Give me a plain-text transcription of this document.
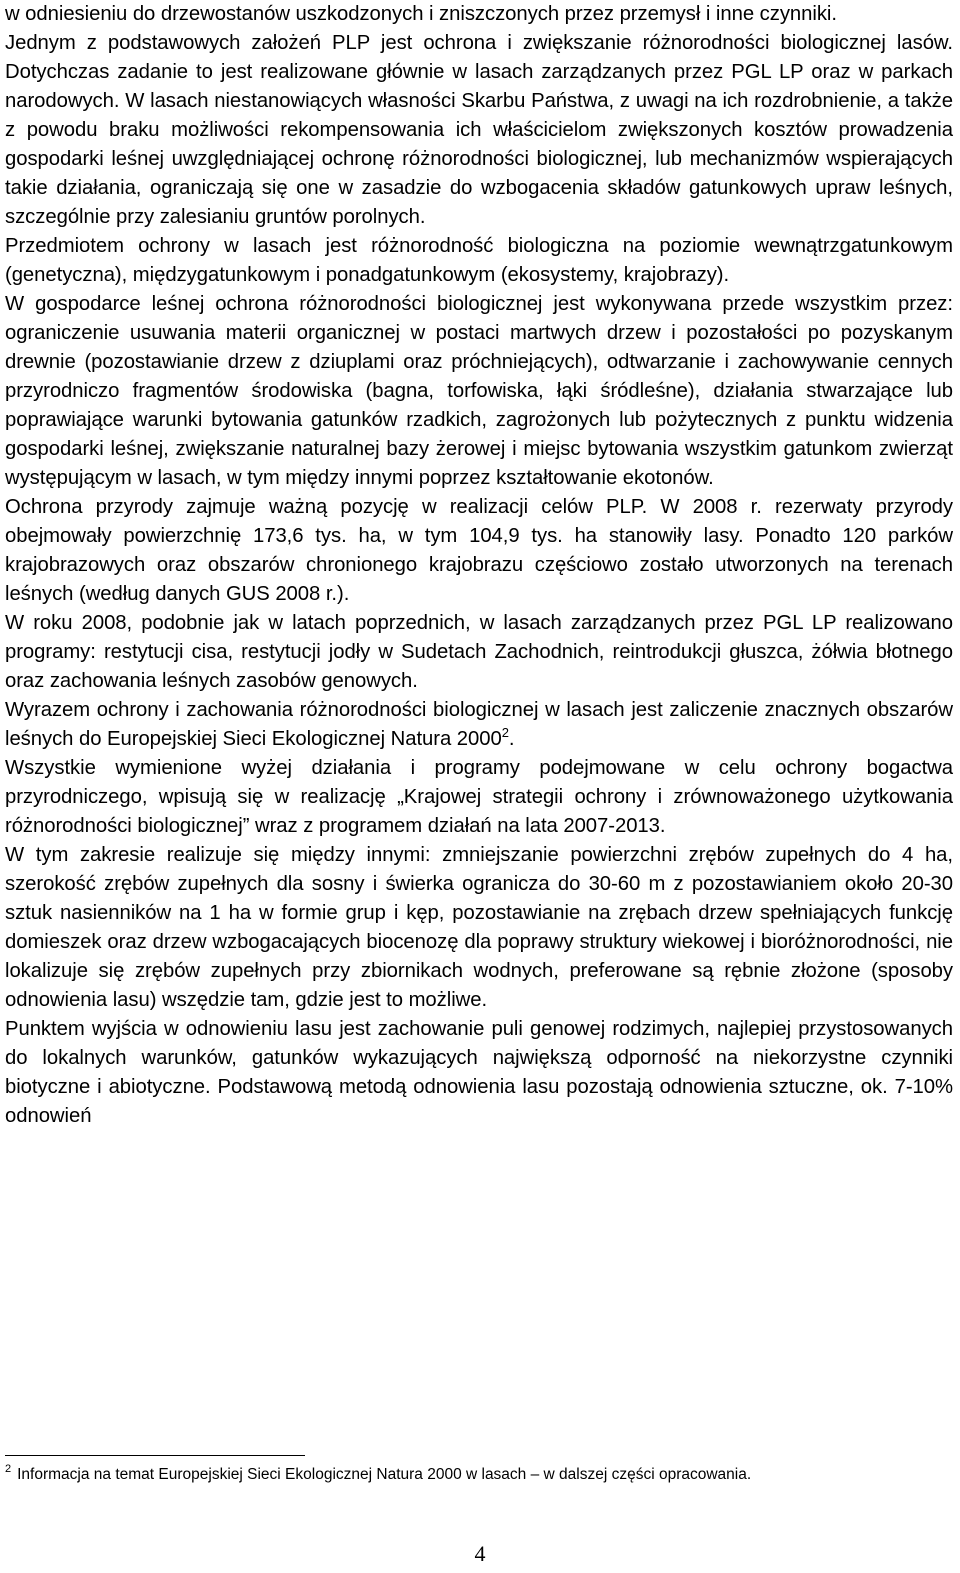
w odniesieniu do drzewostanów uszkodzonych i zniszczonych przez przemysł i inne czynniki.

Jednym z podstawowych założeń PLP jest ochrona i zwiększanie różnorodności biologicznej lasów. Dotychczas zadanie to jest realizowane głównie w lasach zarządzanych przez PGL LP oraz w parkach narodowych. W lasach niestanowiących własności Skarbu Państwa, z uwagi na ich rozdrobnienie, a także z powodu braku możliwości rekompensowania ich właścicielom zwiększonych kosztów prowadzenia gospodarki leśnej uwzględniającej ochronę różnorodności biologicznej, lub mechanizmów wspierających takie działania, ograniczają się one w zasadzie do wzbogacenia składów gatunkowych upraw leśnych, szczególnie przy zalesianiu gruntów porolnych.

Przedmiotem ochrony w lasach jest różnorodność biologiczna na poziomie wewnątrzgatunkowym (genetyczna), międzygatunkowym i ponadgatunkowym (ekosystemy, krajobrazy).

W gospodarce leśnej ochrona różnorodności biologicznej jest wykonywana przede wszystkim przez: ograniczenie usuwania materii organicznej w postaci martwych drzew i pozostałości po pozyskanym drewnie (pozostawianie drzew z dziuplami oraz próchniejących), odtwarzanie i zachowywanie cennych przyrodniczo fragmentów środowiska (bagna, torfowiska, łąki śródleśne), działania stwarzające lub poprawiające warunki bytowania gatunków rzadkich, zagrożonych lub pożytecznych z punktu widzenia gospodarki leśnej, zwiększanie naturalnej bazy żerowej i miejsc bytowania wszystkim gatunkom zwierząt występującym w lasach, w tym między innymi poprzez kształtowanie ekotonów.

Ochrona przyrody zajmuje ważną pozycję w realizacji celów PLP. W 2008 r. rezerwaty przyrody obejmowały powierzchnię 173,6 tys. ha, w tym 104,9 tys. ha stanowiły lasy. Ponadto 120 parków krajobrazowych oraz obszarów chronionego krajobrazu częściowo zostało utworzonych na terenach leśnych (według danych GUS 2008 r.).

W roku 2008, podobnie jak w latach poprzednich, w lasach zarządzanych przez PGL LP realizowano programy: restytucji cisa, restytucji jodły w Sudetach Zachodnich, reintrodukcji głuszca, żółwia błotnego oraz zachowania leśnych zasobów genowych.

Wyrazem ochrony i zachowania różnorodności biologicznej w lasach jest zaliczenie znacznych obszarów leśnych do Europejskiej Sieci Ekologicznej Natura 2000$^2$.

Wszystkie wymienione wyżej działania i programy podejmowane w celu ochrony bogactwa przyrodniczego, wpisują się w realizację „Krajowej strategii ochrony i zrównoważonego użytkowania różnorodności biologicznej” wraz z programem działań na lata 2007-2013.

W tym zakresie realizuje się między innymi: zmniejszanie powierzchni zrębów zupełnych do 4 ha, szerokość zrębów zupełnych dla sosny i świerka ogranicza do 30-60 m z pozostawianiem około 20-30 sztuk nasienników na 1 ha w formie grup i kęp, pozostawianie na zrębach drzew spełniających funkcję domieszek oraz drzew wzbogacających biocenozę dla poprawy struktury wiekowej i bioróżnorodności, nie lokalizuje się zrębów zupełnych przy zbiornikach wodnych, preferowane są rębnie złożone (sposoby odnowienia lasu) wszędzie tam, gdzie jest to możliwe.

Punktem wyjścia w odnowieniu lasu jest zachowanie puli genowej rodzimych, najlepiej przystosowanych do lokalnych warunków, gatunków wykazujących największą odporność na niekorzystne czynniki biotyczne i abiotyczne. Podstawową metodą odnowienia lasu pozostają odnowienia sztuczne, ok. 7-10% odnowień

$^2$ Informacja na temat Europejskiej Sieci Ekologicznej Natura 2000 w lasach – w dalszej części opracowania.

4
